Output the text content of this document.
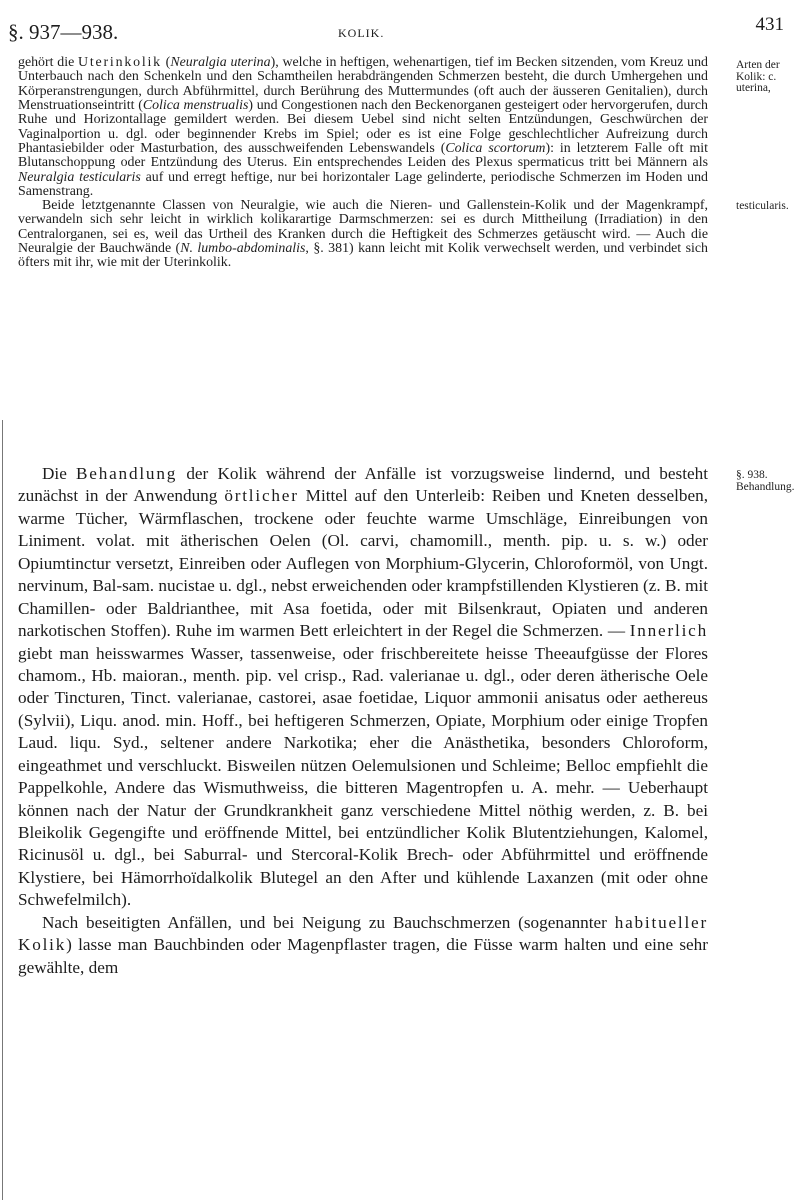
§. 937—938.	KOLIK.	431
Arten der Kolik: c. uterina,
testicularis.
§. 938. Behandlung.

gehört die Uterinkolik (Neuralgia uterina), welche in heftigen, wehenartigen, tief im Becken sitzenden, vom Kreuz und Unterbauch nach den Schenkeln und den Schamtheilen herabdrängenden Schmerzen besteht, die durch Umhergehen und Körperanstrengungen, durch Abführmittel, durch Berührung des Muttermundes (oft auch der äusseren Genitalien), durch Menstruationseintritt (Colica menstrualis) und Congestionen nach den Beckenorganen gesteigert oder hervorgerufen, durch Ruhe und Horizontallage gemildert werden. Bei diesem Uebel sind nicht selten Entzündungen, Geschwürchen der Vaginalportion u. dgl. oder beginnender Krebs im Spiel; oder es ist eine Folge geschlechtlicher Aufreizung durch Phantasiebilder oder Masturbation, des ausschweifenden Lebenswandels (Colica scortorum): in letzterem Falle oft mit Blutanschoppung oder Entzündung des Uterus. Ein entsprechendes Leiden des Plexus spermaticus tritt bei Männern als Neuralgia testicularis auf und erregt heftige, nur bei horizontaler Lage gelinderte, periodische Schmerzen im Hoden und Samenstrang.

Beide letztgenannte Classen von Neuralgie, wie auch die Nieren- und Gallenstein-Kolik und der Magenkrampf, verwandeln sich sehr leicht in wirklich kolikarartige Darmschmerzen: sei es durch Mittheilung (Irradiation) in den Centralorganen, sei es, weil das Urtheil des Kranken durch die Heftigkeit des Schmerzes getäuscht wird. — Auch die Neuralgie der Bauchwände (N. lumbo-abdominalis, §. 381) kann leicht mit Kolik verwechselt werden, und verbindet sich öfters mit ihr, wie mit der Uterinkolik.

Die Behandlung der Kolik während der Anfälle ist vorzugsweise lindernd, und besteht zunächst in der Anwendung örtlicher Mittel auf den Unterleib: Reiben und Kneten desselben, warme Tücher, Wärmflaschen, trockene oder feuchte warme Umschläge, Einreibungen von Liniment. volat. mit ätherischen Oelen (Ol. carvi, chamomill., menth. pip. u. s. w.) oder Opiumtinctur versetzt, Einreiben oder Auflegen von Morphium-Glycerin, Chloroformöl, von Ungt. nervinum, Bal-sam. nucistae u. dgl., nebst erweichenden oder krampfstillenden Klystieren (z. B. mit Chamillen- oder Baldrianthee, mit Asa foetida, oder mit Bilsenkraut, Opiaten und anderen narkotischen Stoffen). Ruhe im warmen Bett erleichtert in der Regel die Schmerzen. — Innerlich giebt man heisswarmes Wasser, tassenweise, oder frischbereitete heisse Theeaufgüsse der Flores chamom., Hb. maioran., menth. pip. vel crisp., Rad. valerianae u. dgl., oder deren ätherische Oele oder Tincturen, Tinct. valerianae, castorei, asae foetidae, Liquor ammonii anisatus oder aethereus (Sylvii), Liqu. anod. min. Hoff., bei heftigeren Schmerzen, Opiate, Morphium oder einige Tropfen Laud. liqu. Syd., seltener andere Narkotika; eher die Anästhetika, besonders Chloroform, eingeathmet und verschluckt. Bisweilen nützen Oelemulsionen und Schleime; Belloc empfiehlt die Pappelkohle, Andere das Wismuthweiss, die bitteren Magentropfen u. A. mehr. — Ueberhaupt können nach der Natur der Grundkrankheit ganz verschiedene Mittel nöthig werden, z. B. bei Bleikolik Gegengifte und eröffnende Mittel, bei entzündlicher Kolik Blutentziehungen, Kalomel, Ricinusöl u. dgl., bei Saburral- und Stercoral-Kolik Brech- oder Abführmittel und eröffnende Klystiere, bei Hämorrhoïdalkolik Blutegel an den After und kühlende Laxanzen (mit oder ohne Schwefelmilch).

Nach beseitigten Anfällen, und bei Neigung zu Bauchschmerzen (sogenannter habitueller Kolik) lasse man Bauchbinden oder Magenpflaster tragen, die Füsse warm halten und eine sehr gewählte, dem
